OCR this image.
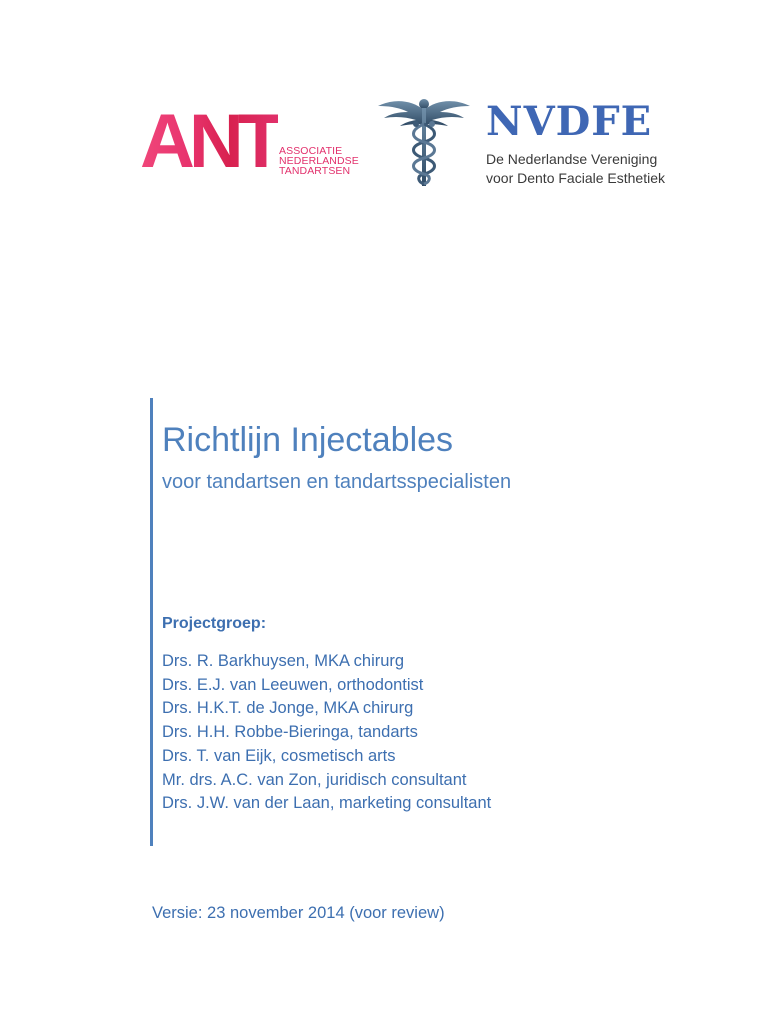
ANT ASSOCIATIE
NEDERLANDSE
TANDARTSEN
NVDFE
De Nederlandse Vereniging
voor Dento Faciale Esthetiek
Richtlijn Injectables
voor tandartsen en tandartsspecialisten
Projectgroep:
Drs. R. Barkhuysen, MKA chirurg
Drs. E.J. van Leeuwen, orthodontist
Drs. H.K.T. de Jonge, MKA chirurg
Drs. H.H. Robbe-Bieringa, tandarts
Drs. T. van Eijk, cosmetisch arts
Mr. drs. A.C. van Zon, juridisch consultant
Drs. J.W. van der Laan, marketing consultant
Versie: 23 november 2014 (voor review)
